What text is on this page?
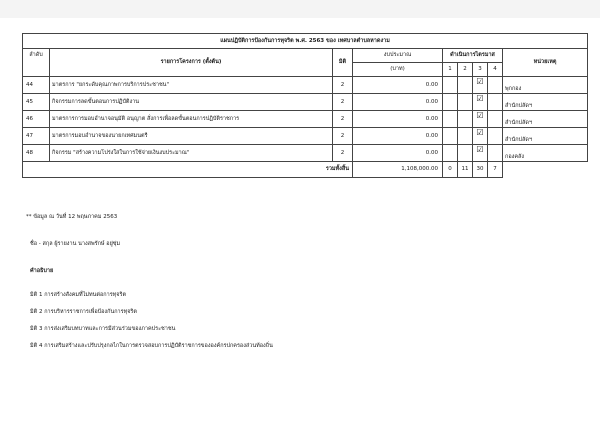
แผนปฏิบัติการป้องกันการทุจริต พ.ศ. 2563 ของ เทศบาลตำบลหาดงาม								
ลำดับ	รายการโครงการ (ตั้งต้น)	มิติ	งบประมาณ	ดำเนินการไตรมาส				หน่วยเหตุ
			(บาท)	1	2	3	4	
44	มาตรการ "ยกระดับคุณภาพการบริการประชาชน"	2	0.00			☑		พุกกอง
45	กิจกรรมการลดขั้นตอนการปฏิบัติงาน	2	0.00			☑		สำนักปลัดฯ
46	มาตรการการมอบอำนาจอนุมัติ อนุญาต สั่งการเพื่อลดขั้นตอนการปฏิบัติราชการ	2	0.00			☑		สำนักปลัดฯ
47	มาตรการมอบอำนาจของนายกเทศมนตรี	2	0.00			☑		สำนักปลัดฯ
48	กิจกรรม "สร้างความโปร่งใสในการใช้จ่ายเงินงบประมาณ"	2	0.00			☑		กองคลัง
รวมทั้งสิ้น			1,108,000.00	0	11	30	7	
** ข้อมูล ณ วันที่ 12 พฤษภาคม 2563
ชื่อ - สกุล ผู้รายงาน นางสพรักษ์ อยู่ซุ่ม
คำอธิบาย
มิติ 1 การสร้างสังคมที่ไม่ทนต่อการทุจริต
มิติ 2 การบริหารราชการเพื่อป้องกันการทุจริต
มิติ 3 การส่งเสริมบทบาทและการมีส่วนร่วมของภาคประชาชน
มิติ 4 การเสริมสร้างและปรับปรุงกลไกในการตรวจสอบการปฏิบัติราชการขององค์กรปกครองส่วนท้องถิ่น
